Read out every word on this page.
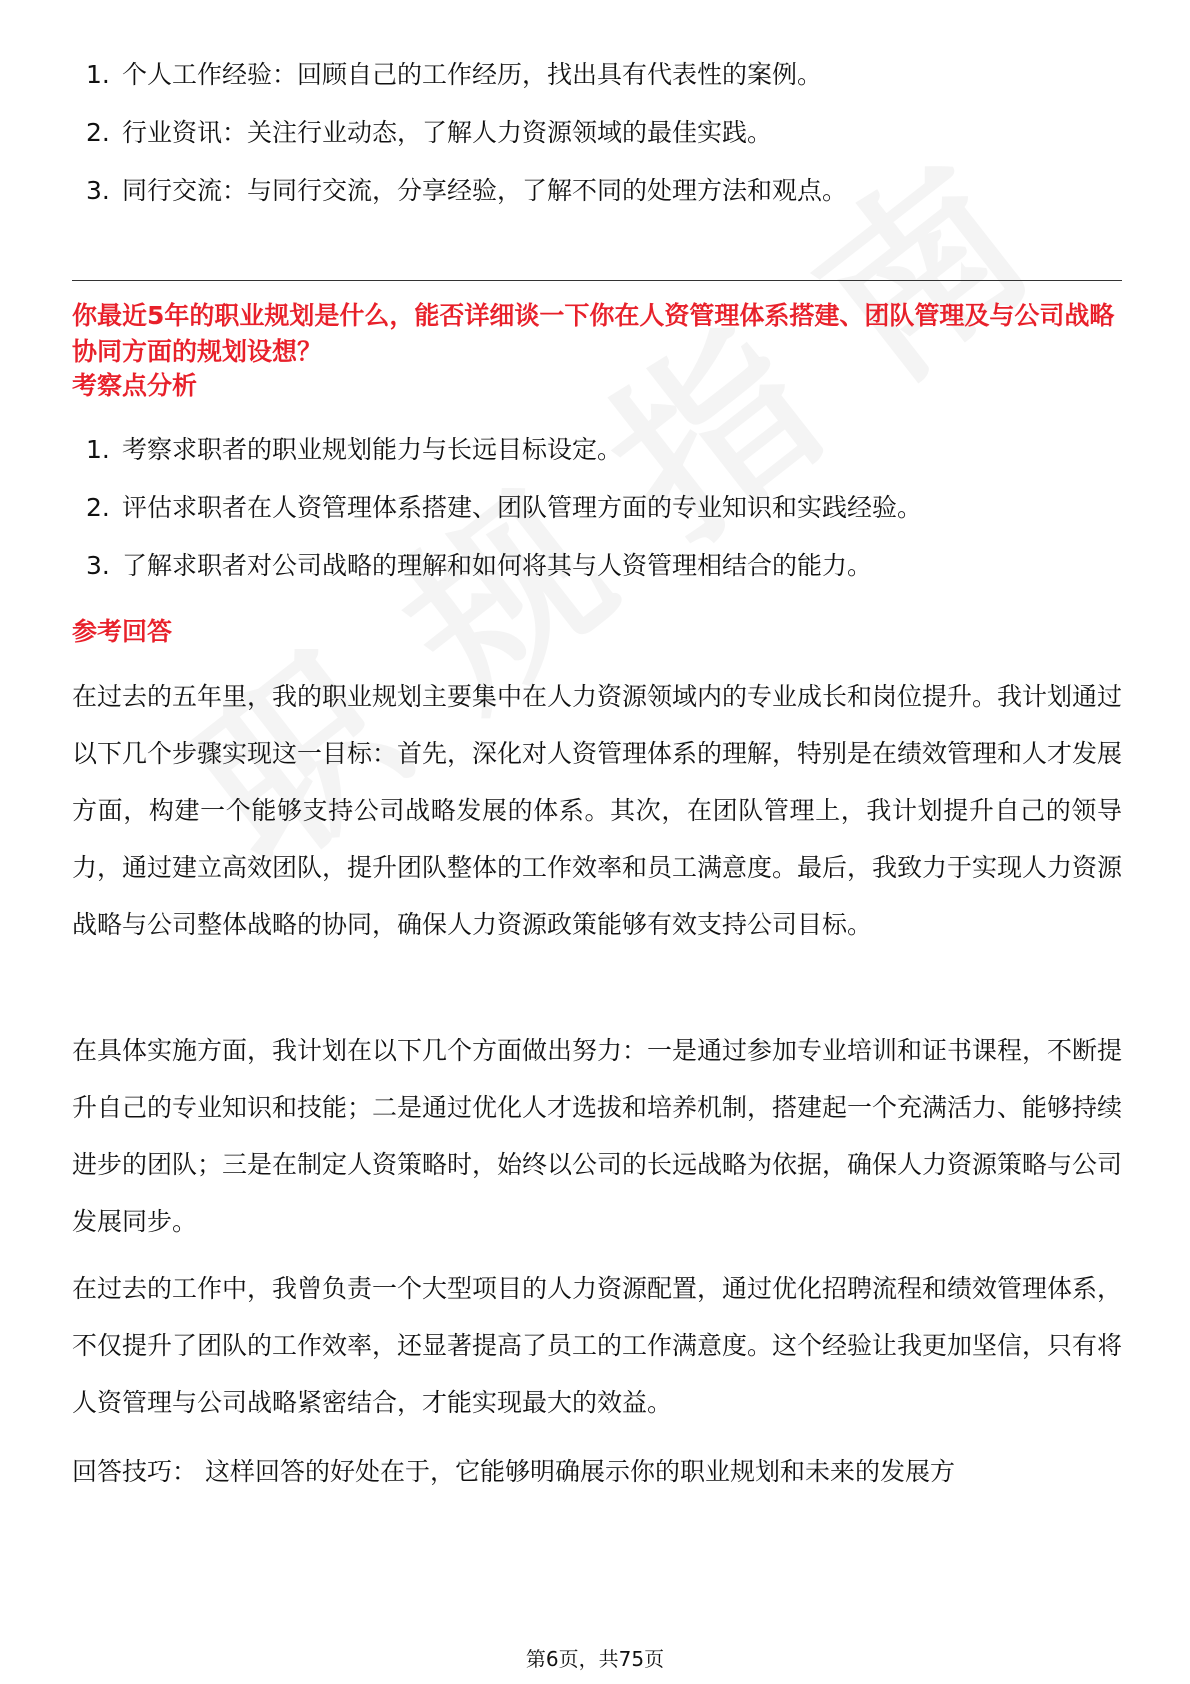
1. 个人工作经验：回顾自己的工作经历，找出具有代表性的案例。
2. 行业资讯：关注行业动态，了解人力资源领域的最佳实践。
3. 同行交流：与同行交流，分享经验，了解不同的处理方法和观点。

你最近5年的职业规划是什么，能否详细谈一下你在人资管理体系搭建、团队管理及与公司战略协同方面的规划设想？

考察点分析

1. 考察求职者的职业规划能力与长远目标设定。
2. 评估求职者在人资管理体系搭建、团队管理方面的专业知识和实践经验。
3. 了解求职者对公司战略的理解和如何将其与人资管理相结合的能力。

参考回答

在过去的五年里，我的职业规划主要集中在人力资源领域内的专业成长和岗位提升。我计划通过以下几个步骤实现这一目标：首先，深化对人资管理体系的理解，特别是在绩效管理和人才发展方面，构建一个能够支持公司战略发展的体系。其次，在团队管理上，我计划提升自己的领导力，通过建立高效团队，提升团队整体的工作效率和员工满意度。最后，我致力于实现人力资源战略与公司整体战略的协同，确保人力资源政策能够有效支持公司目标。

在具体实施方面，我计划在以下几个方面做出努力：一是通过参加专业培训和证书课程，不断提升自己的专业知识和技能；二是通过优化人才选拔和培养机制，搭建起一个充满活力、能够持续进步的团队；三是在制定人资策略时，始终以公司的长远战略为依据，确保人力资源策略与公司发展同步。

在过去的工作中，我曾负责一个大型项目的人力资源配置，通过优化招聘流程和绩效管理体系，不仅提升了团队的工作效率，还显著提高了员工的工作满意度。这个经验让我更加坚信，只有将人资管理与公司战略紧密结合，才能实现最大的效益。

回答技巧： 这样回答的好处在于，它能够明确展示你的职业规划和未来的发展方

第6页，共75页
